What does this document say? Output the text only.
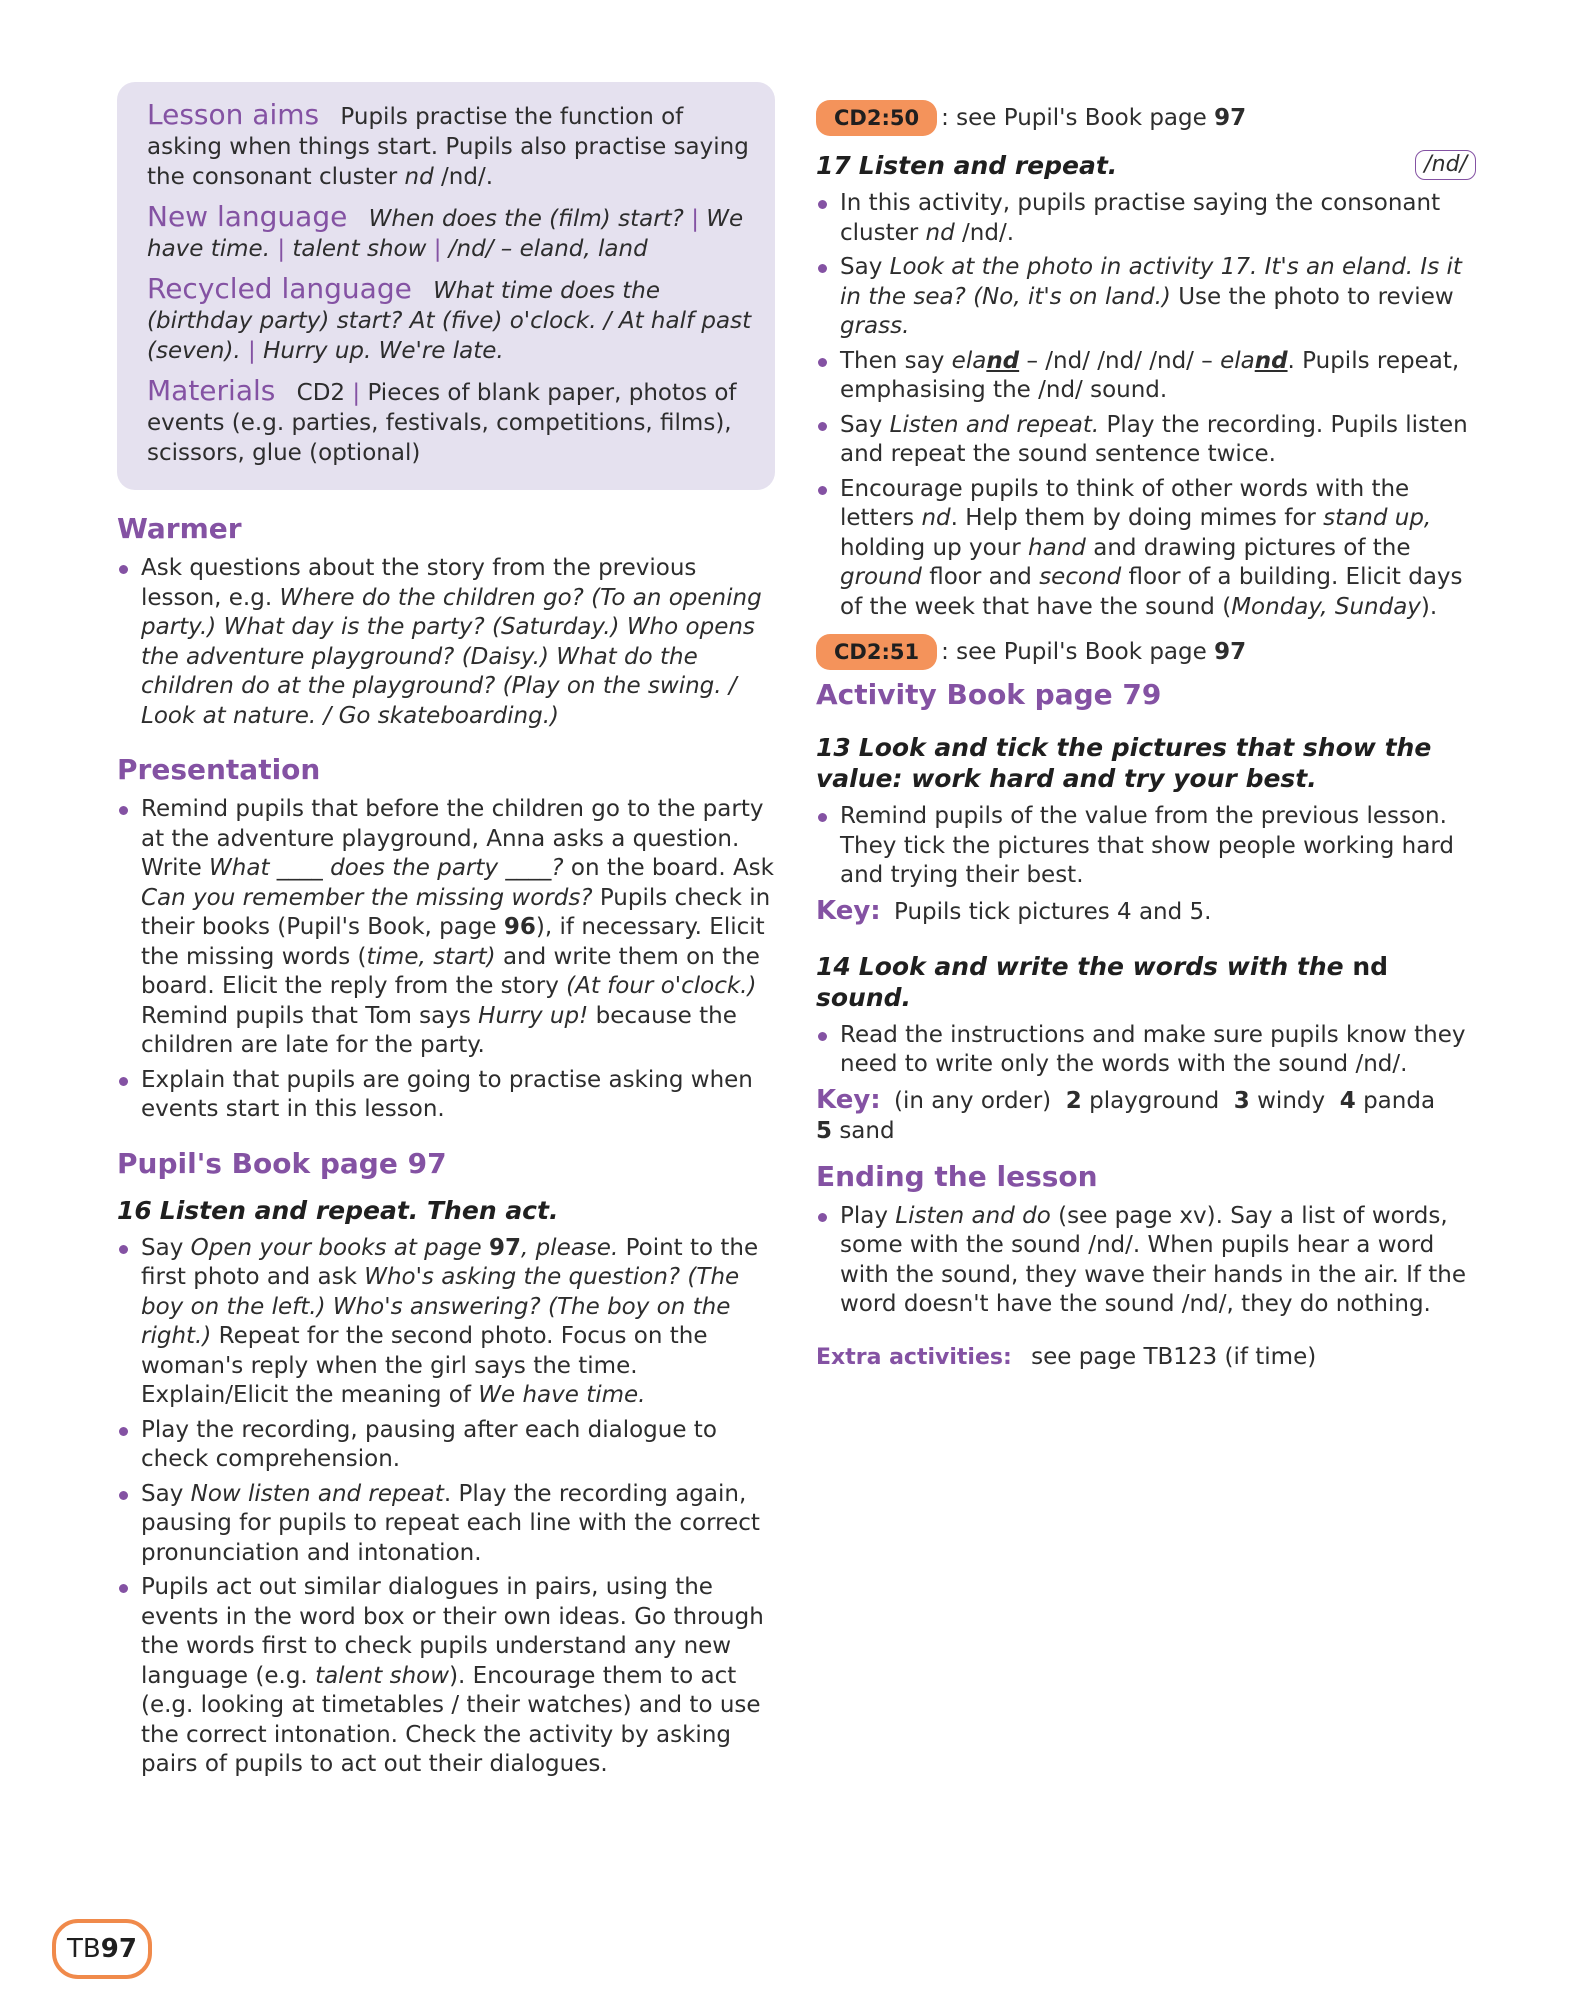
Lesson aims Pupils practise the function of asking when things start. Pupils also practise saying the consonant cluster nd /nd/.

New language When does the (film) start? | We have time. | talent show | /nd/ – eland, land

Recycled language What time does the (birthday party) start? At (five) o'clock. / At half past (seven). | Hurry up. We're late.

Materials CD2 | Pieces of blank paper, photos of events (e.g. parties, festivals, competitions, films), scissors, glue (optional)

Warmer
Ask questions about the story from the previous lesson, e.g. Where do the children go? (To an opening party.) What day is the party? (Saturday.) Who opens the adventure playground? (Daisy.) What do the children do at the playground? (Play on the swing. / Look at nature. / Go skateboarding.)
Presentation
Remind pupils that before the children go to the party at the adventure playground, Anna asks a question. Write What ____ does the party ____? on the board. Ask Can you remember the missing words? Pupils check in their books (Pupil's Book, page 96), if necessary. Elicit the missing words (time, start) and write them on the board. Elicit the reply from the story (At four o'clock.) Remind pupils that Tom says Hurry up! because the children are late for the party.
Explain that pupils are going to practise asking when events start in this lesson.
Pupil's Book page 97
16 Listen and repeat. Then act.
Say Open your books at page 97, please. Point to the first photo and ask Who's asking the question? (The boy on the left.) Who's answering? (The boy on the right.) Repeat for the second photo. Focus on the woman's reply when the girl says the time. Explain/Elicit the meaning of We have time.
Play the recording, pausing after each dialogue to check comprehension.
Say Now listen and repeat. Play the recording again, pausing for pupils to repeat each line with the correct pronunciation and intonation.
Pupils act out similar dialogues in pairs, using the events in the word box or their own ideas. Go through the words first to check pupils understand any new language (e.g. talent show). Encourage them to act (e.g. looking at timetables / their watches) and to use the correct intonation. Check the activity by asking pairs of pupils to act out their dialogues.
CD2:50 : see Pupil's Book page
97
17 Listen and repeat.	/nd/
In this activity, pupils practise saying the consonant cluster nd /nd/.
Say Look at the photo in activity 17. It's an eland. Is it in the sea? (No, it's on land.) Use the photo to review grass.
Then say eland – /nd/ /nd/ /nd/ – eland. Pupils repeat, emphasising the /nd/ sound.
Say Listen and repeat. Play the recording. Pupils listen and repeat the sound sentence twice.
Encourage pupils to think of other words with the letters nd. Help them by doing mimes for stand up, holding up your hand and drawing pictures of the ground floor and second floor of a building. Elicit days of the week that have the sound (Monday, Sunday).
CD2:51 : see Pupil's Book page
97
Activity Book page 79
13 Look and tick the pictures that show the value: work hard and try your best.
Remind pupils of the value from the previous lesson. They tick the pictures that show people working hard and trying their best.
Key: Pupils tick pictures 4 and 5.
14 Look and write the words with the nd sound.
Read the instructions and make sure pupils know they need to write only the words with the sound /nd/.
Key: (in any order) 2 playground 3 windy 4 panda
5 sand
Ending the lesson
Play Listen and do (see page xv). Say a list of words, some with the sound /nd/. When pupils hear a word with the sound, they wave their hands in the air. If the word doesn't have the sound /nd/, they do nothing.
Extra activities: see page TB123 (if time)
TB 97
